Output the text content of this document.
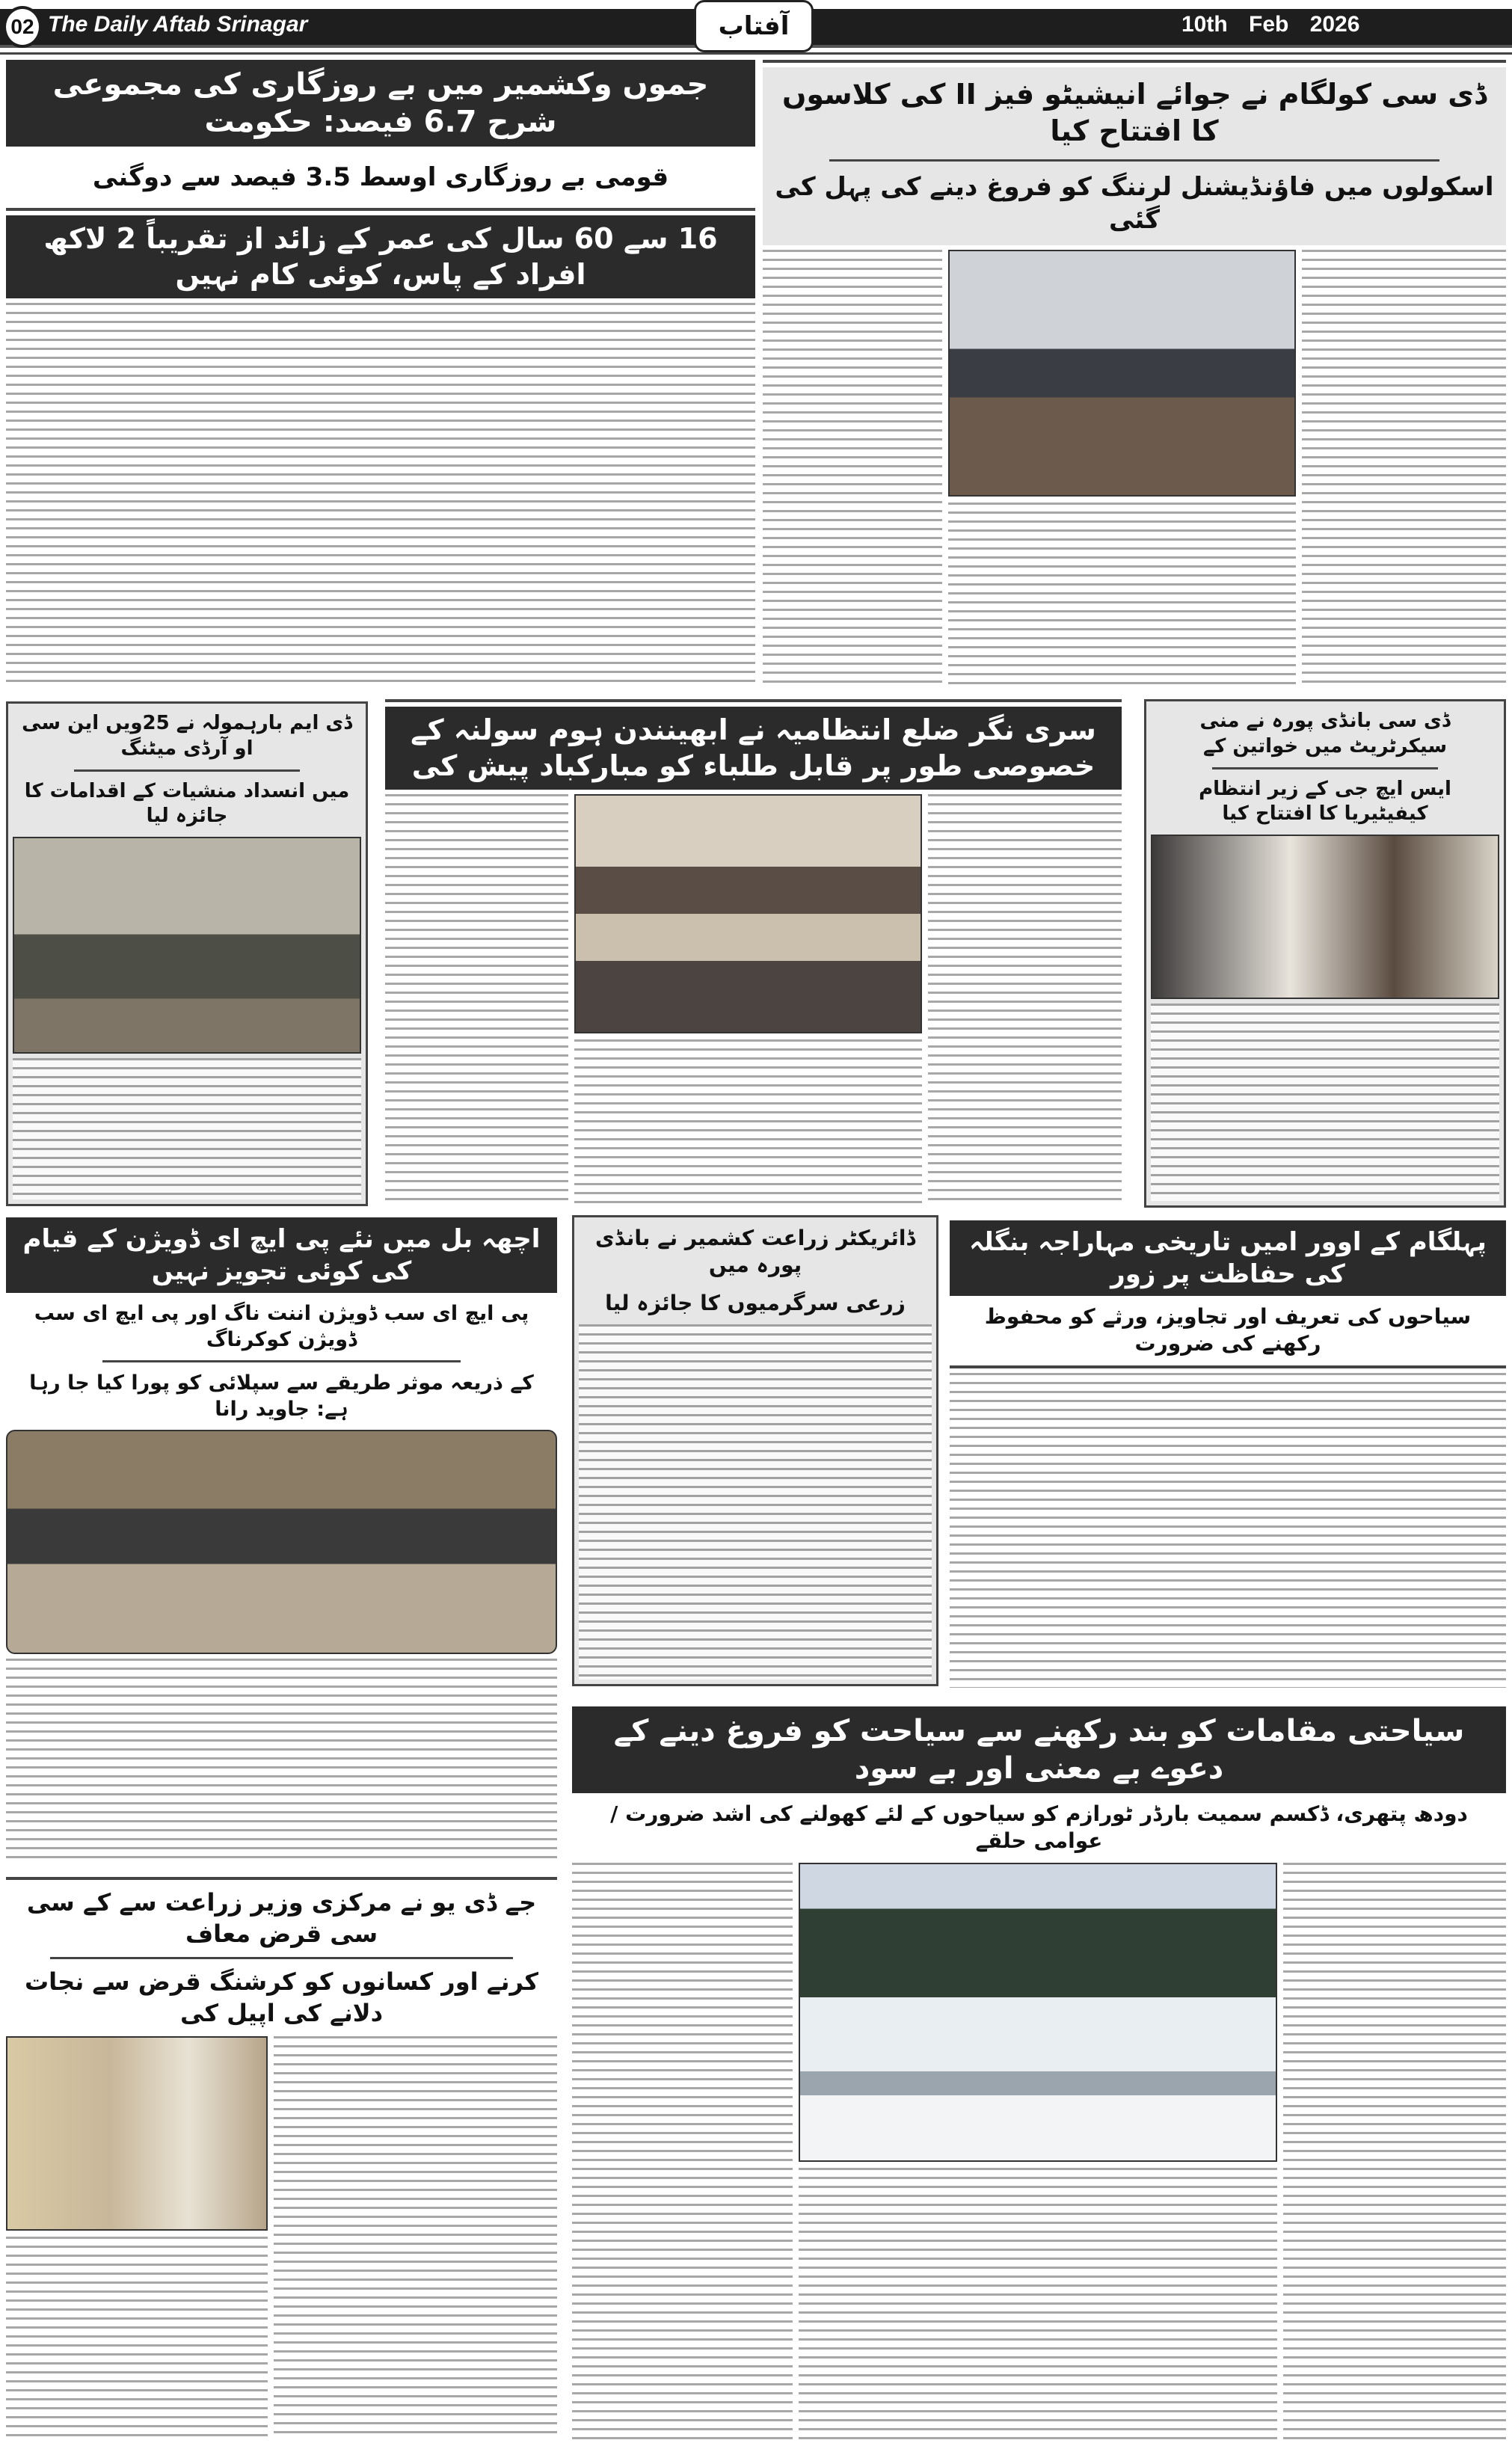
02 The Daily Aftab Srinagar	آفتاب	10th Feb 2026
جموں وکشمیر میں بے روزگاری کی مجموعی شرح 6.7 فیصد: حکومت
قومی بے روزگاری اوسط 3.5 فیصد سے دوگنی
16 سے 60 سال کی عمر کے زائد از تقریباً 2 لاکھ افراد کے پاس، کوئی کام نہیں
ڈی سی کولگام نے جوائے انیشیٹو فیز II کی کلاسوں کا افتتاح کیا
اسکولوں میں فاؤنڈیشنل لرننگ کو فروغ دینے کی پہل کی گئی
ڈی ایم بارہمولہ نے 25ویں این سی او آرڈی میٹنگ
میں انسداد منشیات کے اقدامات کا جائزہ لیا
سری نگر ضلع انتظامیہ نے ابھینندن ہوم سولنہ کے خصوصی طور پر قابل طلباء کو مبارکباد پیش کی
ڈی سی بانڈی پورہ نے منی سیکرٹریٹ میں خواتین کے
ایس ایچ جی کے زیر انتظام کیفیٹیریا کا افتتاح کیا
اچھہ بل میں نئے پی ایچ ای ڈویژن کے قیام کی کوئی تجویز نہیں
پی ایچ ای سب ڈویژن اننت ناگ اور پی ایچ ای سب ڈویژن کوکرناگ
کے ذریعہ موثر طریقے سے سپلائی کو پورا کیا جا رہا ہے: جاوید رانا
ڈائریکٹر زراعت کشمیر نے بانڈی پورہ میں
زرعی سرگرمیوں کا جائزہ لیا
پہلگام کے اوور امیں تاریخی مہاراجہ بنگلہ کی حفاظت پر زور
سیاحوں کی تعریف اور تجاویز، ورثے کو محفوظ رکھنے کی ضرورت
سیاحتی مقامات کو بند رکھنے سے سیاحت کو فروغ دینے کے دعوے بے معنی اور بے سود
دودھ پتھری، ڈکسم سمیت بارڈر ٹورازم کو سیاحوں کے لئے کھولنے کی اشد ضرورت / عوامی حلقے
جے ڈی یو نے مرکزی وزیر زراعت سے کے سی سی قرض معاف
کرنے اور کسانوں کو کرشنگ قرض سے نجات دلانے کی اپیل کی
